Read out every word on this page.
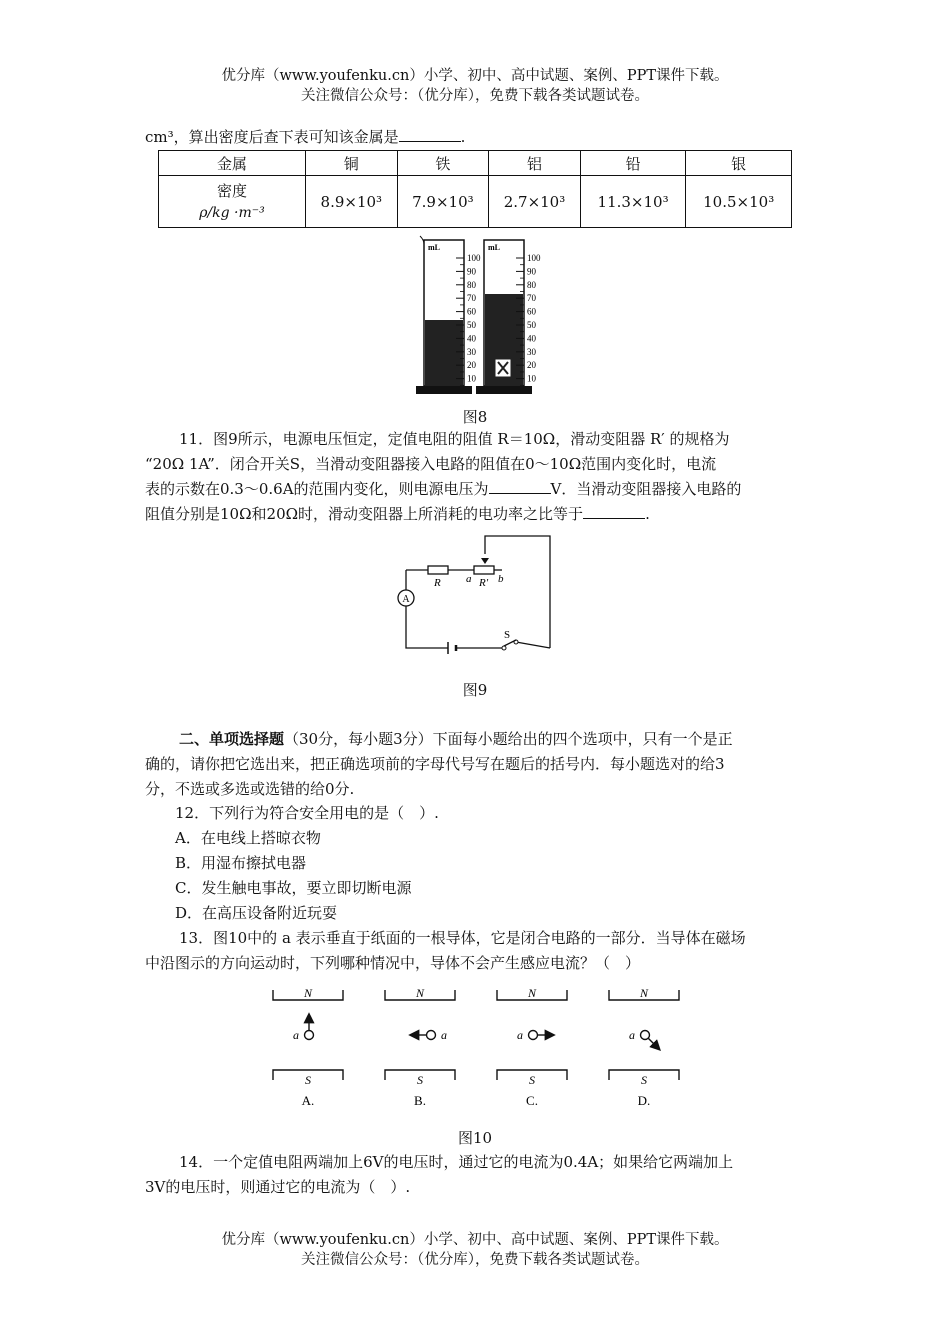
优分库（www.youfenku.cn）小学、初中、高中试题、案例、PPT课件下载。
关注微信公众号：（优分库），免费下载各类试题试卷。
cm³，算出密度后查下表可知该金属是	.
金属	铜	铁	铝	铅	银

密度
ρ/kg ·m⁻³	8.9×10³	7.9×10³	2.7×10³	11.3×10³	10.5×10³
mL
100
90
80
70
60
50
40
30
20
10
mL
100
90
80
70
60
50
40
30
20
10
图8
11．图9所示，电源电压恒定，定值电阻的阻值 R＝10Ω，滑动变阻器 R′ 的规格为
“20Ω 1A”．闭合开关S，当滑动变阻器接入电路的阻值在0～10Ω范围内变化时，电流
表的示数在0.3～0.6A的范围内变化，则电源电压为	V．当滑动变阻器接入电路的
阻值分别是10Ω和20Ω时，滑动变阻器上所消耗的电功率之比等于	.
A
R a R′ b
S
图9
二、单项选择题（30分，每小题3分）下面每小题给出的四个选项中，只有一个是正
确的，请你把它选出来，把正确选项前的字母代号写在题后的括号内．每小题选对的给3
分，不选或多选或选错的给0分.
12．下列行为符合安全用电的是（　）.
A．在电线上搭晾衣物
B．用湿布擦拭电器
C．发生触电事故，要立即切断电源
D．在高压设备附近玩耍
13．图10中的 a 表示垂直于纸面的一根导体，它是闭合电路的一部分．当导体在磁场
中沿图示的方向运动时，下列哪种情况中，导体不会产生感应电流？（　）
N
S
a
A.
N
S
a
B.
N
S
a
C.
N
S
a
D.
图10
14．一个定值电阻两端加上6V的电压时，通过它的电流为0.4A；如果给它两端加上
3V的电压时，则通过它的电流为（　）.
优分库（www.youfenku.cn）小学、初中、高中试题、案例、PPT课件下载。
关注微信公众号：（优分库），免费下载各类试题试卷。
